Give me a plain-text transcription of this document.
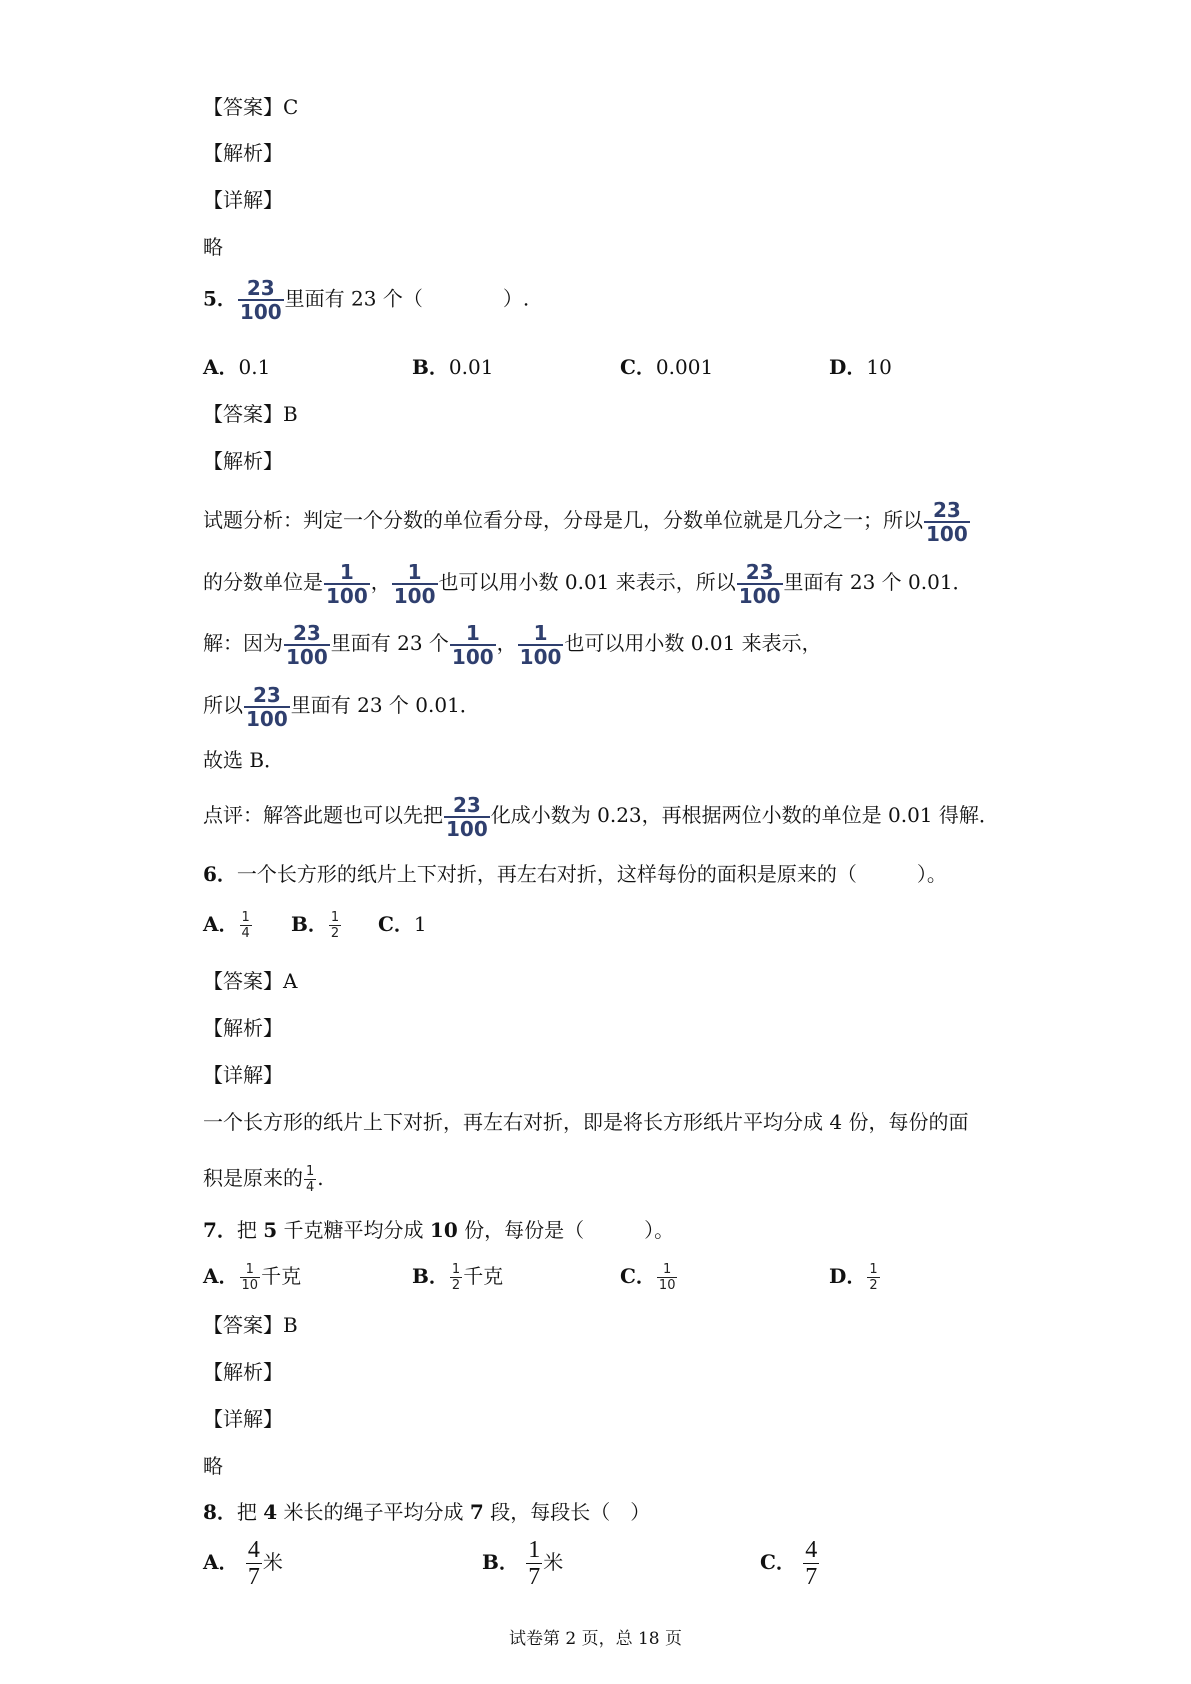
【答案】C
【解析】
【详解】
略
5． $\frac{23}{100}$ 里面有 23 个（　　　　）.
A．0.1	B．0.01	C．0.001	D．10
【答案】B
【解析】
试题分析：判定一个分数的单位看分母，分母是几，分数单位就是几分之一；所以 $\frac{23}{100}$
的分数单位是 $\frac{1}{100}$ ， $\frac{1}{100}$ 也可以用小数 0.01 来表示，所以 $\frac{23}{100}$ 里面有 23 个 0.01．
解：因为 $\frac{23}{100}$ 里面有 23 个 $\frac{1}{100}$ ， $\frac{1}{100}$ 也可以用小数 0.01 来表示，
所以 $\frac{23}{100}$ 里面有 23 个 0.01．
故选 B．
点评：解答此题也可以先把 $\frac{23}{100}$ 化成小数为 0.23，再根据两位小数的单位是 0.01 得解．
6．一个长方形的纸片上下对折，再左右对折，这样每份的面积是原来的（　　　）。
A． $\frac{1}{4}$ B． $\frac{1}{2}$ C．1
【答案】A
【解析】
【详解】
一个长方形的纸片上下对折，再左右对折，即是将长方形纸片平均分成 4 份，每份的面
积是原来的 $\frac{1}{4}$ .
7．把 5 千克糖平均分成 10 份，每份是（　　　）。
A． $\frac{1}{10}$ 千克	B． $\frac{1}{2}$ 千克	C． $\frac{1}{10}$	D． $\frac{1}{2}$
【答案】B
【解析】
【详解】
略
8．把 4 米长的绳子平均分成 7 段，每段长（　）
A． $\frac{4}{7}$ 米	B． $\frac{1}{7}$ 米	C． $\frac{4}{7}$
试卷第 2 页，总 18 页
